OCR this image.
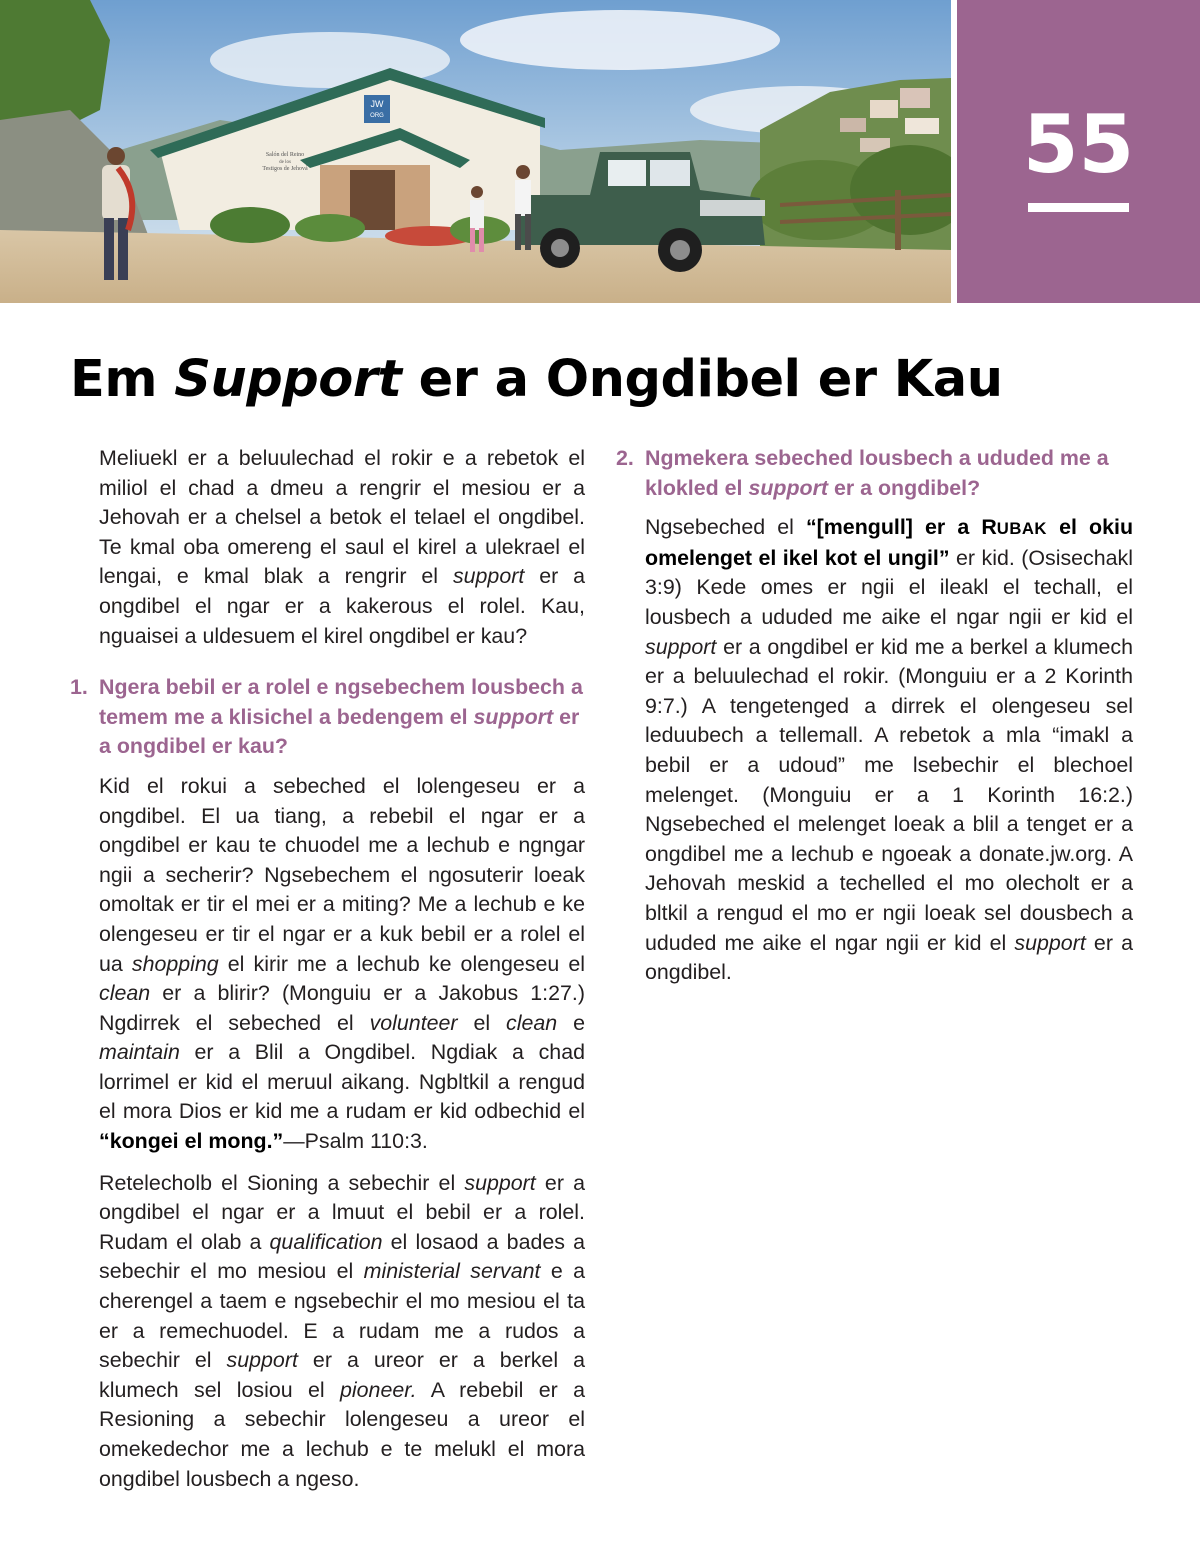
JW
ORG
Salón del Reino
de los
Testigos de Jehová	55
Em Support er a Ongdibel er Kau

Meliuekl er a beluulechad el rokir e a rebetok el miliol el chad a dmeu a rengrir el mesiou er a Jehovah er a chelsel a betok el telael el ongdibel. Te kmal oba omereng el saul el kirel a ulekrael el lengai, e kmal blak a rengrir el support er a ongdibel el ngar er a kakerous el rolel. Kau, nguaisei a uldesuem el kirel ongdibel er kau?

1. Ngera bebil er a rolel e ngsebechem lousbech a temem me a klisichel a bedengem el support er a ongdibel er kau?

Kid el rokui a sebeched el lolengeseu er a ongdibel. El ua tiang, a rebebil el ngar er a ongdibel er kau te chuodel me a lechub e ngngar ngii a secherir? Ngsebechem el ngosuterir loeak omoltak er tir el mei er a miting? Me a lechub e ke olengeseu er tir el ngar er a kuk bebil er a rolel el ua shopping el kirir me a lechub ke olengeseu el clean er a blirir? (Monguiu er a Jakobus 1:27.) Ngdirrek el sebeched el volunteer el clean e maintain er a Blil a Ongdibel. Ngdiak a chad lorrimel er kid el meruul aikang. Ngbltkil a rengud el mora Dios er kid me a rudam er kid odbechid el “kongei el mong.”—Psalm 110:3.

Retelecholb el Sioning a sebechir el support er a ongdibel el ngar er a lmuut el bebil er a rolel. Rudam el olab a qualification el losaod a bades a sebechir el mo mesiou el ministerial servant e a cherengel a taem e ngsebechir el mo mesiou el ta er a remechuodel. E a rudam me a rudos a sebechir el support er a ureor er a berkel a klumech sel losiou el pioneer. A rebebil er a Resioning a sebechir lolengeseu a ureor el omekedechor me a lechub e te melukl el mora ongdibel lousbech a ngeso.

2. Ngmekera sebeched lousbech a ududed me a klokled el support er a ongdibel?

Ngsebeched el “[mengull] er a RUBAK el okiu omelenget el ikel kot el ungil” er kid. (Osisechakl 3:9) Kede omes er ngii el ileakl el techall, el lousbech a ududed me aike el ngar ngii er kid el support er a ongdibel er kid me a berkel a klumech er a beluulechad el rokir. (Monguiu er a 2 Korinth 9:7.) A tengetenged a dirrek el olengeseu sel leduubech a tellemall. A rebetok a mla “imakl a bebil er a udoud” me lsebechir el blechoel melenget. (Monguiu er a 1 Korinth 16:2.) Ngsebeched el melenget loeak a blil a tenget er a ongdibel me a lechub e ngoeak a donate.jw.org. A Jehovah meskid a techelled el mo olecholt er a bltkil a rengud el mo er ngii loeak sel dousbech a ududed me aike el ngar ngii er kid el support er a ongdibel.
